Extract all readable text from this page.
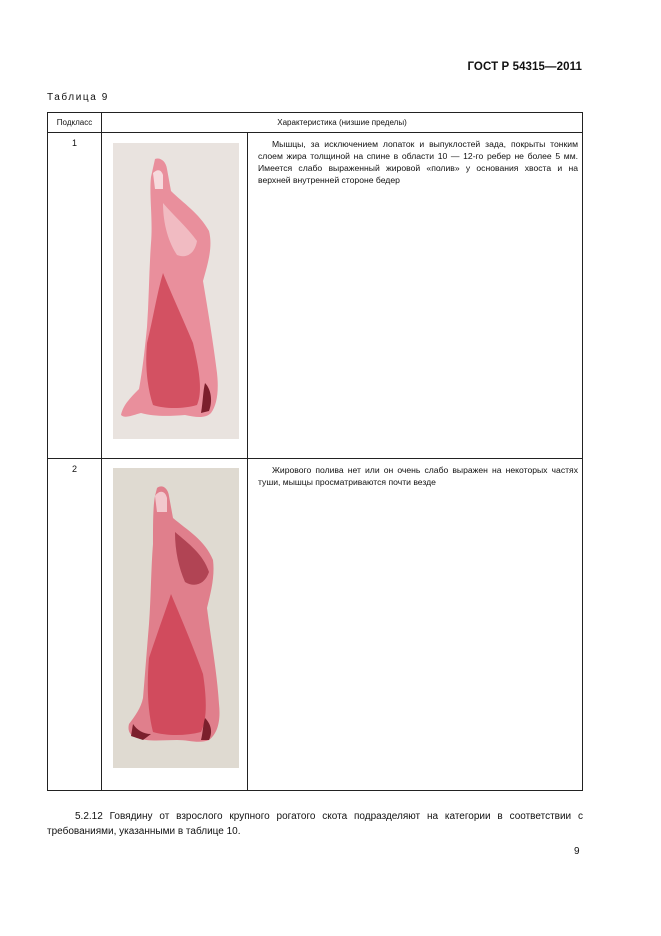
ГОСТ Р 54315—2011
Таблица 9
Подкласс	Характеристика (низшие пределы)	
1		Мышцы, за исключением лопаток и выпуклостей зада, покрыты тонким слоем жира толщиной на спине в области 10 — 12-го ребер не более 5 мм. Имеется слабо выраженный жировой «полив» у основания хвоста и на верхней внутренней стороне бедер

2		Жирового полива нет или он очень слабо выражен на некоторых частях туши, мышцы просматриваются почти везде
5.2.12 Говядину от взрослого крупного рогатого скота подразделяют на категории в соответствии с требованиями, указанными в таблице 10.
9
